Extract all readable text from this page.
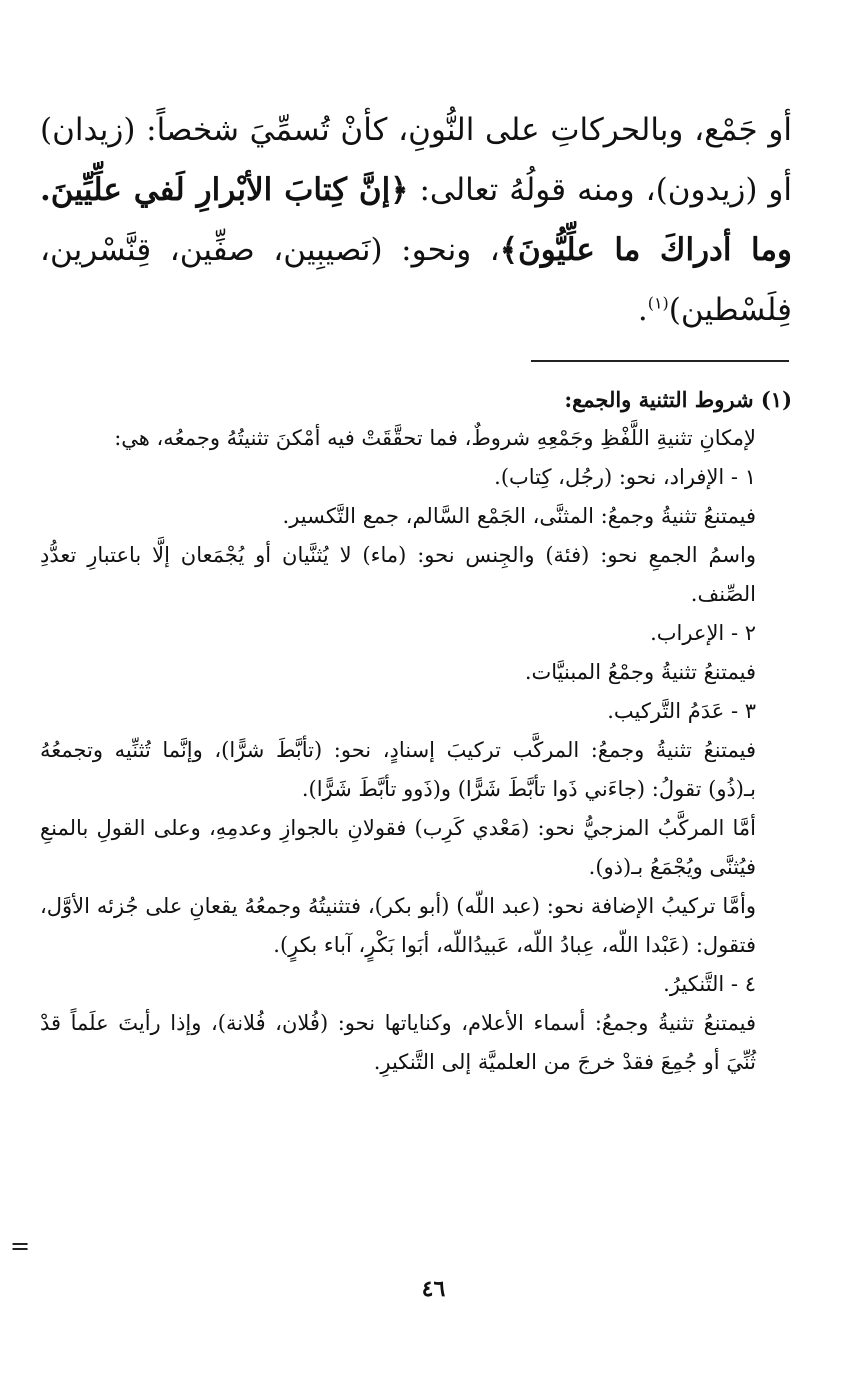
أو جَمْع، وبالحركاتِ على النُّونِ، كأنْ تُسمِّيَ شخصاً: (زيدان) أو (زيدون)، ومنه قولُهُ تعالى: ﴿إنَّ كِتابَ الأبْرارِ لَفي علِّيِّينَ. وما أدراكَ ما علِّيُّونَ﴾، ونحو: (نَصيبِين، صفِّين، قِنَّسْرين، فِلَسْطين)$^{(١)}$.

(١) شروط التثنية والجمع:

لإمكانِ تثنيةِ اللَّفْظِ وجَمْعِهِ شروطٌ، فما تحقَّقَتْ فيه أمْكنَ تثنيتُهُ وجمعُه، هي:

١ - الإفراد، نحو: (رجُل، كِتاب).

فيمتنعُ تثنيةُ وجمعُ: المثنَّى، الجَمْع السَّالم، جمع التَّكسير.

واسمُ الجمعِ نحو: (فئة) والجِنس نحو: (ماء) لا يُثنَّيان أو يُجْمَعان إلَّا باعتبارِ تعدُّدِ الصِّنف.

٢ - الإعراب.

فيمتنعُ تثنيةُ وجمْعُ المبنيَّات.

٣ - عَدَمُ التَّركيب.

فيمتنعُ تثنيةُ وجمعُ: المركَّب تركيبَ إسنادٍ، نحو: (تأبَّطَ شرًّا)، وإنَّما تُثنِّيه وتجمعُهُ بـ(ذُو) تقولُ: (جاءَني ذَوا تأبَّطَ شَرًّا) و(ذَوو تأبَّطَ شَرًّا).

أمَّا المركَّبُ المزجيُّ نحو: (مَعْدي كَرِب) فقولانِ بالجوازِ وعدمِهِ، وعلى القولِ بالمنعِ فيُثنَّى ويُجْمَعُ بـ(ذو).

وأمَّا تركيبُ الإضافة نحو: (عبد اللّه) (أبو بكر)، فتثنيتُهُ وجمعُهُ يقعانِ على جُزئه الأوَّل، فتقول: (عَبْدا اللّه، عِبادُ اللّه، عَبيدُاللّه، أبَوا بَكْرٍ، آباء بكرٍ).

٤ - التَّنكيرُ.

فيمتنعُ تثنيةُ وجمعُ: أسماء الأعلام، وكناياتها نحو: (فُلان، فُلانة)، وإذا رأيتَ علَماً قدْ ثُنِّيَ أو جُمِعَ فقدْ خرجَ من العلميَّة إلى التَّنكيرِ.

=
٤٦
